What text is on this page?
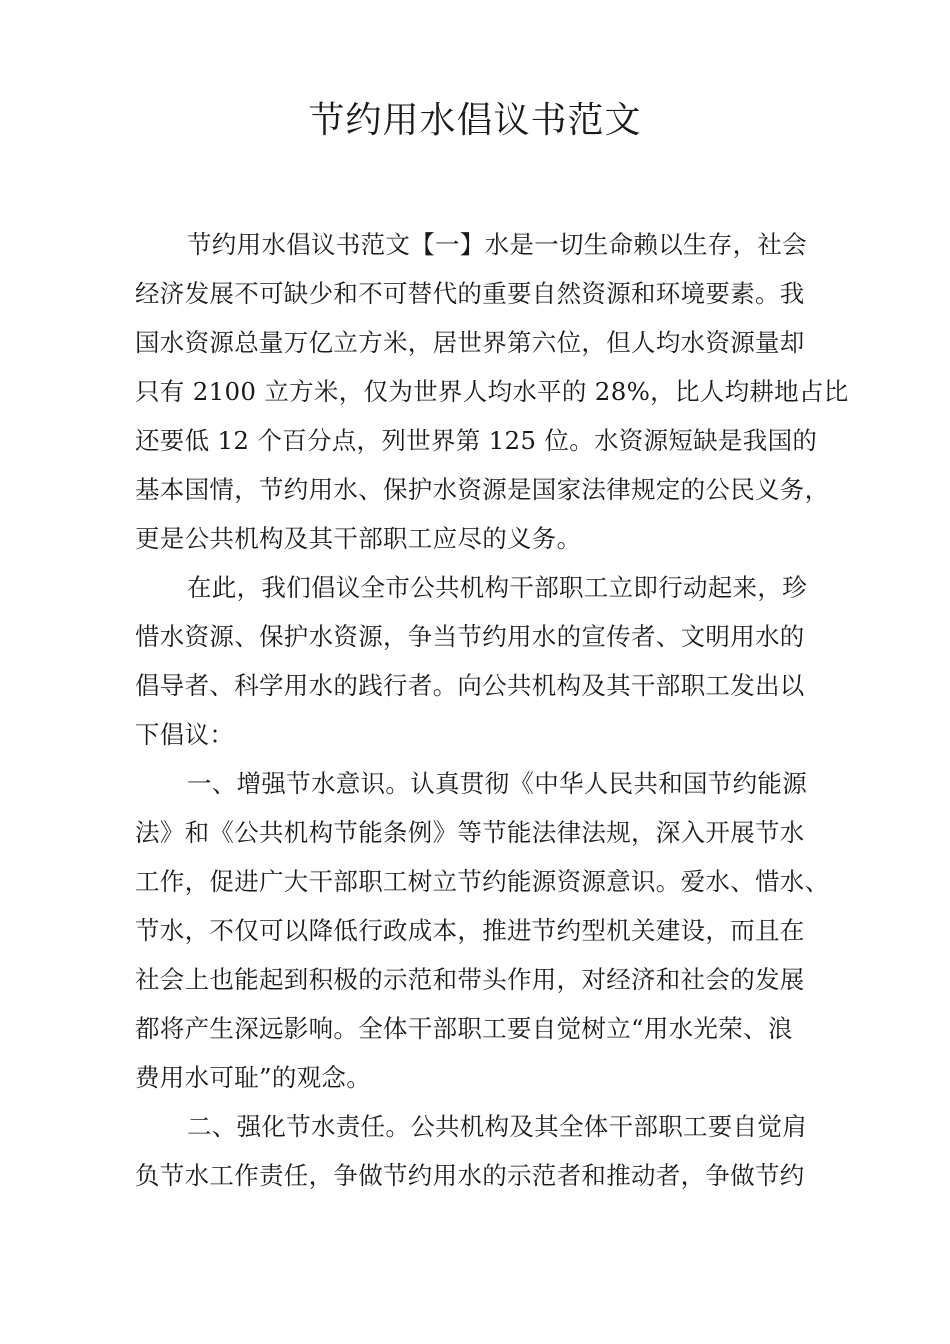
节约用水倡议书范文
节约用水倡议书范文【一】水是一切生命赖以生存，社会
经济发展不可缺少和不可替代的重要自然资源和环境要素。我
国水资源总量万亿立方米，居世界第六位，但人均水资源量却
只有 2100 立方米，仅为世界人均水平的 28%，比人均耕地占比
还要低 12 个百分点，列世界第 125 位。水资源短缺是我国的
基本国情，节约用水、保护水资源是国家法律规定的公民义务，
更是公共机构及其干部职工应尽的义务。
在此，我们倡议全市公共机构干部职工立即行动起来，珍
惜水资源、保护水资源，争当节约用水的宣传者、文明用水的
倡导者、科学用水的践行者。向公共机构及其干部职工发出以
下倡议：
一、增强节水意识。认真贯彻《中华人民共和国节约能源
法》和《公共机构节能条例》等节能法律法规，深入开展节水
工作，促进广大干部职工树立节约能源资源意识。爱水、惜水、
节水，不仅可以降低行政成本，推进节约型机关建设，而且在
社会上也能起到积极的示范和带头作用，对经济和社会的发展
都将产生深远影响。全体干部职工要自觉树立“用水光荣、浪
费用水可耻”的观念。
二、强化节水责任。公共机构及其全体干部职工要自觉肩
负节水工作责任，争做节约用水的示范者和推动者，争做节约
